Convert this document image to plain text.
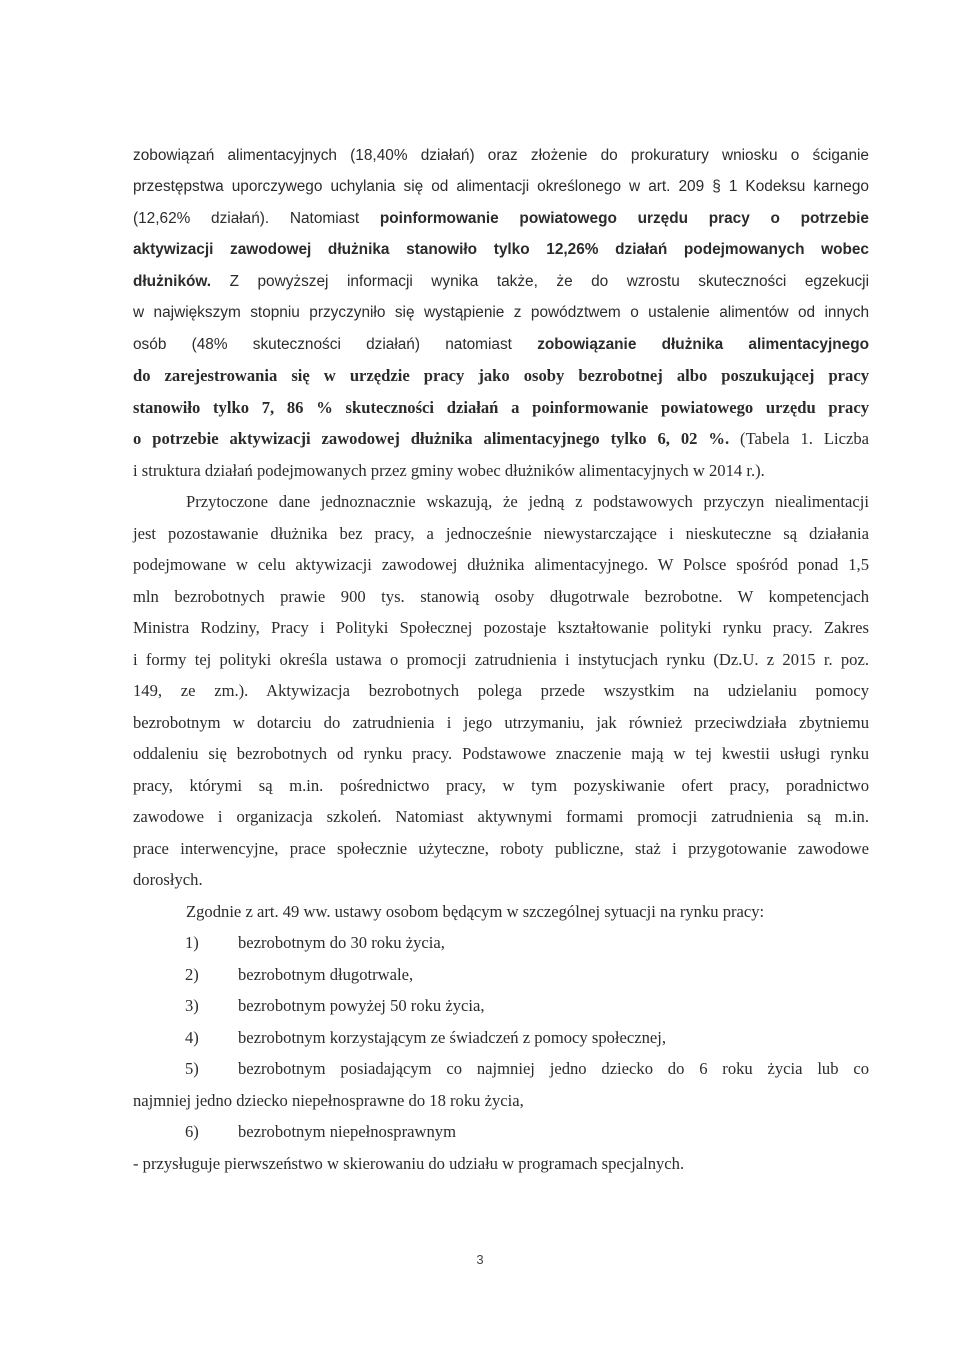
zobowiązań alimentacyjnych (18,40% działań) oraz złożenie do prokuratury wniosku o ściganie

przestępstwa uporczywego uchylania się od alimentacji określonego w art. 209 § 1 Kodeksu karnego

(12,62% działań). Natomiast poinformowanie powiatowego urzędu pracy o potrzebie

aktywizacji zawodowej dłużnika stanowiło tylko 12,26% działań podejmowanych wobec

dłużników. Z powyższej informacji wynika także, że do wzrostu skuteczności egzekucji

w największym stopniu przyczyniło się wystąpienie z powództwem o ustalenie alimentów od innych

osób (48% skuteczności działań) natomiast zobowiązanie dłużnika alimentacyjnego

do zarejestrowania się w urzędzie pracy jako osoby bezrobotnej albo poszukującej pracy

stanowiło tylko 7, 86 % skuteczności działań a poinformowanie powiatowego urzędu pracy

o potrzebie aktywizacji zawodowej dłużnika alimentacyjnego tylko 6, 02 %. (Tabela 1. Liczba

i struktura działań podejmowanych przez gminy wobec dłużników alimentacyjnych w 2014 r.).

Przytoczone dane jednoznacznie wskazują, że jedną z podstawowych przyczyn niealimentacji

jest pozostawanie dłużnika bez pracy, a jednocześnie niewystarczające i nieskuteczne są działania

podejmowane w celu aktywizacji zawodowej dłużnika alimentacyjnego. W Polsce spośród ponad 1,5

mln bezrobotnych prawie 900 tys. stanowią osoby długotrwale bezrobotne. W kompetencjach

Ministra Rodziny, Pracy i Polityki Społecznej pozostaje kształtowanie polityki rynku pracy. Zakres

i formy tej polityki określa ustawa o promocji zatrudnienia i instytucjach rynku (Dz.U. z 2015 r. poz.

149, ze zm.). Aktywizacja bezrobotnych polega przede wszystkim na udzielaniu pomocy

bezrobotnym w dotarciu do zatrudnienia i jego utrzymaniu, jak również przeciwdziała zbytniemu

oddaleniu się bezrobotnych od rynku pracy. Podstawowe znaczenie mają w tej kwestii usługi rynku

pracy, którymi są m.in. pośrednictwo pracy, w tym pozyskiwanie ofert pracy, poradnictwo

zawodowe i organizacja szkoleń. Natomiast aktywnymi formami promocji zatrudnienia są m.in.

prace interwencyjne, prace społecznie użyteczne, roboty publiczne, staż i przygotowanie zawodowe

dorosłych.

Zgodnie z art. 49 ww. ustawy osobom będącym w szczególnej sytuacji na rynku pracy:

1) bezrobotnym do 30 roku życia,
2) bezrobotnym długotrwale,
3) bezrobotnym powyżej 50 roku życia,
4) bezrobotnym korzystającym ze świadczeń z pomocy społecznej,
5) bezrobotnym posiadającym co najmniej jedno dziecko do 6 roku życia lub co

najmniej jedno dziecko niepełnosprawne do 18 roku życia,

6) bezrobotnym niepełnosprawnym

- przysługuje pierwszeństwo w skierowaniu do udziału w programach specjalnych.

3
